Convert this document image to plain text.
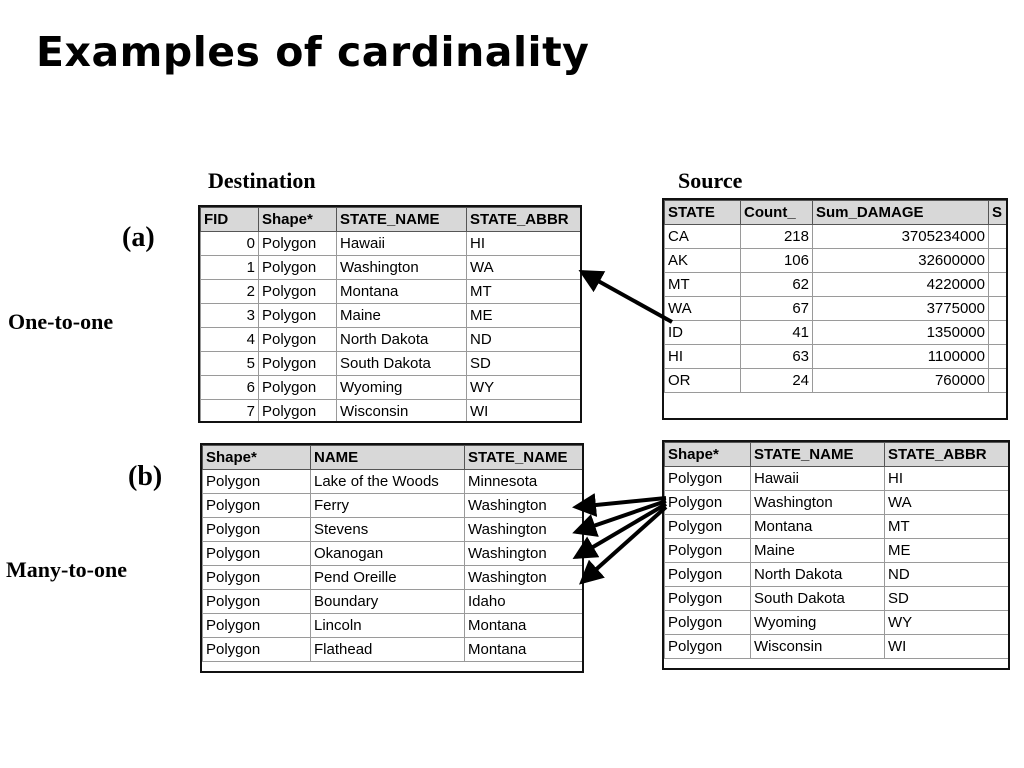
Examples of cardinality
Destination	Source
(a)
One-to-one
(b)
Many-to-one
FID	Shape*	STATE_NAME	STATE_ABBR
0	Polygon	Hawaii	HI
1	Polygon	Washington	WA
2	Polygon	Montana	MT
3	Polygon	Maine	ME
4	Polygon	North Dakota	ND
5	Polygon	South Dakota	SD
6	Polygon	Wyoming	WY
7	Polygon	Wisconsin	WI
STATE	Count_	Sum_DAMAGE	S
CA	218	3705234000	
AK	106	32600000	
MT	62	4220000	
WA	67	3775000	
ID	41	1350000	
HI	63	1100000	
OR	24	760000	
Shape*	NAME	STATE_NAME
Polygon	Lake of the Woods	Minnesota
Polygon	Ferry	Washington
Polygon	Stevens	Washington
Polygon	Okanogan	Washington
Polygon	Pend Oreille	Washington
Polygon	Boundary	Idaho
Polygon	Lincoln	Montana
Polygon	Flathead	Montana
Shape*	STATE_NAME	STATE_ABBR
Polygon	Hawaii	HI
Polygon	Washington	WA
Polygon	Montana	MT
Polygon	Maine	ME
Polygon	North Dakota	ND
Polygon	South Dakota	SD
Polygon	Wyoming	WY
Polygon	Wisconsin	WI
